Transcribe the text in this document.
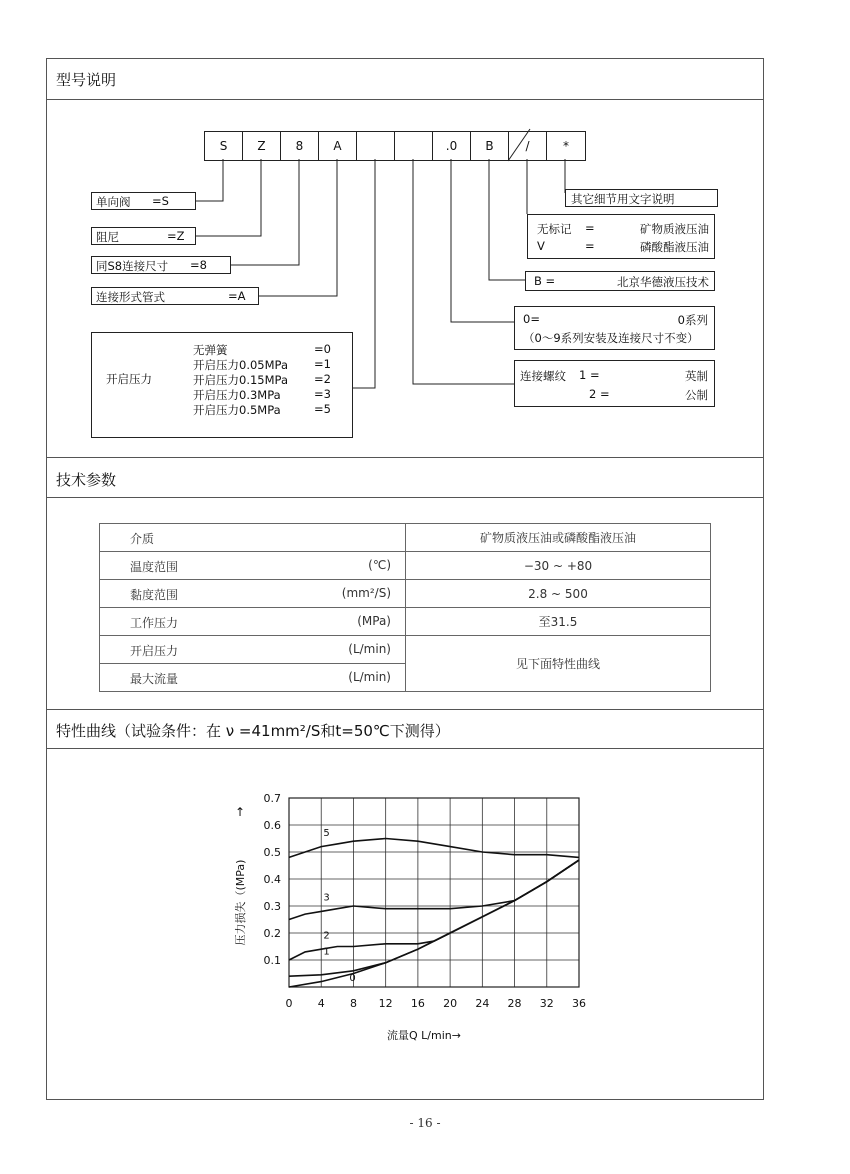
型号说明
技术参数
特性曲线（试验条件：在 ν =41mm²/S和t=50℃下测得）
S	Z	8	A	.0	B	/	*
单向阀 =S
阻尼	=Z
同S8连接尺寸 =8
连接形式管式	=A
开启压力
无弹簧	=0
开启压力0.05MPa =1
开启压力0.15MPa =2
开启压力0.3MPa	=3
开启压力0.5MPa	=5
其它细节用文字说明
无标记 =	矿物质液压油
V	=	磷酸酯液压油
B =	北京华德液压技术
0=	0系列
（0～9系列安装及连接尺寸不变）
连接螺纹 1 =	英制
2 =	公制
介质	矿物质液压油或磷酸酯液压油

温度范围 (℃)	−30 ~ +80

黏度范围 (mm²/S)	2.8 ~ 500

工作压力 (MPa)	至31.5

开启压力 (L/min)	见下面特性曲线

最大流量 (L/min)	
0 4 8 12 16 20 24 28 32 36
0.1
0.2
0.3
0.4
0.5
0.6
0.7
0
1
2
3
5
流量Q L/min→
压力损失（(MPa)
↑
- 16 -
